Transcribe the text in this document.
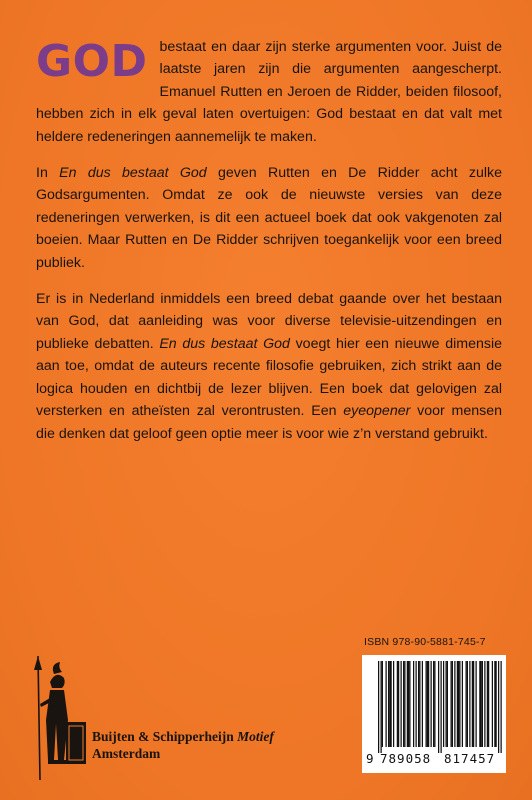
GOD bestaat en daar zijn sterke argumenten voor. Juist de laatste jaren zijn die argumenten aangescherpt. Emanuel Rutten en Jeroen de Ridder, beiden filosoof, hebben zich in elk geval laten overtuigen: God bestaat en dat valt met heldere redeneringen aannemelijk te maken.

In En dus bestaat God geven Rutten en De Ridder acht zulke Godsargumenten. Omdat ze ook de nieuwste versies van deze redeneringen verwerken, is dit een actueel boek dat ook vakgenoten zal boeien. Maar Rutten en De Ridder schrijven toegankelijk voor een breed publiek.

Er is in Nederland inmiddels een breed debat gaande over het bestaan van God, dat aanleiding was voor diverse televisie-uitzendingen en publieke debatten. En dus bestaat God voegt hier een nieuwe dimensie aan toe, omdat de auteurs recente filosofie gebruiken, zich strikt aan de logica houden en dichtbij de lezer blijven. Een boek dat gelovigen zal versterken en atheïsten zal verontrusten. Een eyeopener voor mensen die denken dat geloof geen optie meer is voor wie z’n verstand gebruikt.

ISBN 978-90-5881-745-7
9 789058 817457
Buijten & Schipperheijn Motief
Amsterdam
